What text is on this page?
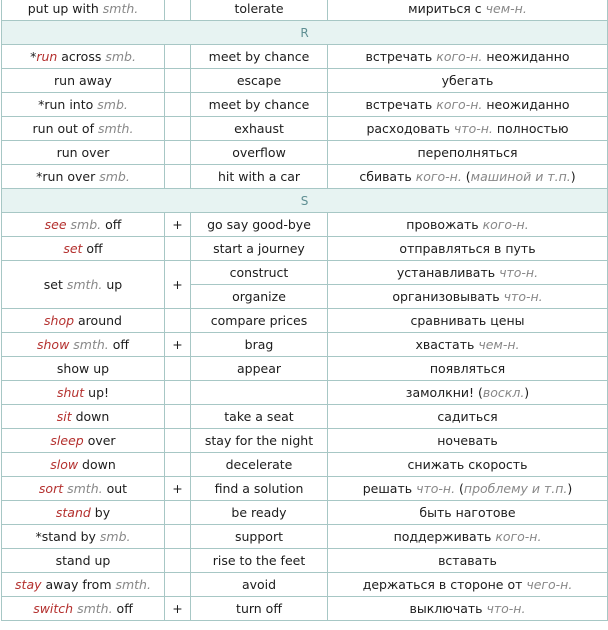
put up with smth.		tolerate	мириться с чем-н.
R			
*run across smb.		meet by chance	встречать кого-н. неожиданно
run away		escape	убегать
*run into smb.		meet by chance	встречать кого-н. неожиданно
run out of smth.		exhaust	расходовать что-н. полностью
run over		overflow	переполняться
*run over smb.		hit with a car	сбивать кого-н. (машиной и т.п.)
S			
see smb. off	+	go say good-bye	провожать кого-н.
set off		start a journey	отправляться в путь
set smth. up	+	construct	устанавливать что-н.
		organize	организовывать что-н.
shop around		compare prices	сравнивать цены
show smth. off	+	brag	хвастать чем-н.
show up		appear	появляться
shut up!			замолкни! (воскл.)
sit down		take a seat	садиться
sleep over		stay for the night	ночевать
slow down		decelerate	снижать скорость
sort smth. out	+	find a solution	решать что-н. (проблему и т.п.)
stand by		be ready	быть наготове
*stand by smb.		support	поддерживать кого-н.
stand up		rise to the feet	вставать
stay away from smth.		avoid	держаться в стороне от чего-н.
switch smth. off	+	turn off	выключать что-н.
